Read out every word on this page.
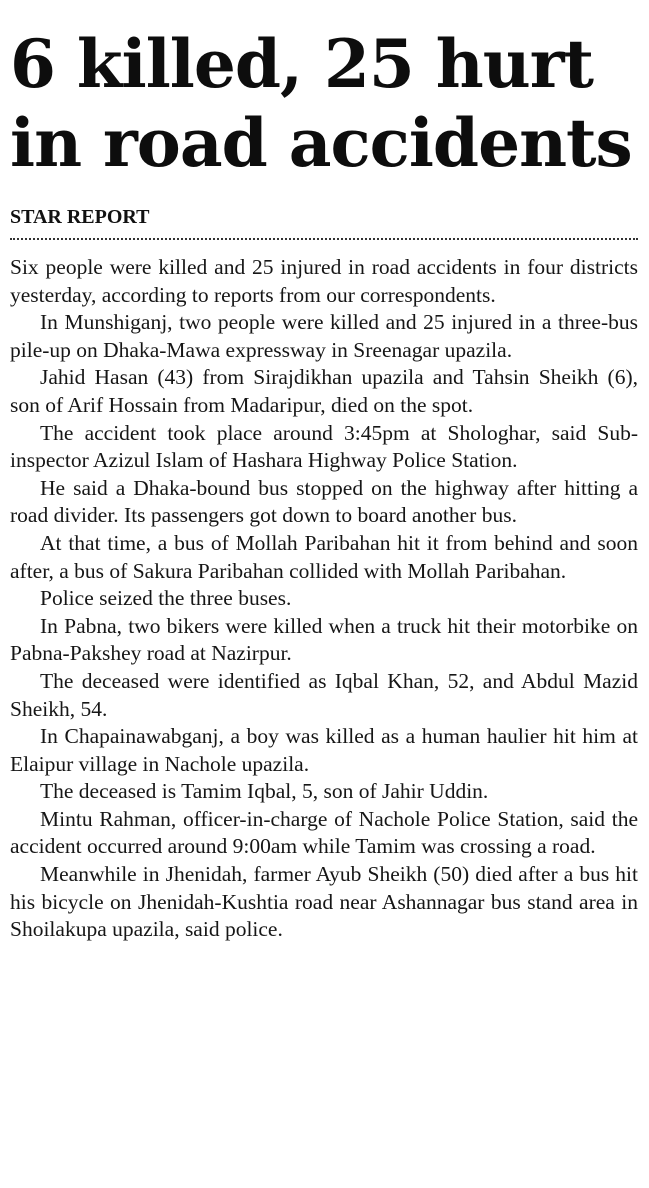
6 killed, 25 hurt
in road accidents
STAR REPORT

Six people were killed and 25 injured in road accidents in four districts yesterday, according to reports from our correspondents.

In Munshiganj, two people were killed and 25 injured in a three-bus pile-up on Dhaka-Mawa expressway in Sreenagar upazila.

Jahid Hasan (43) from Sirajdikhan upazila and Tahsin Sheikh (6), son of Arif Hossain from Madaripur, died on the spot.

The accident took place around 3:45pm at Shologhar, said Sub-inspector Azizul Islam of Hashara Highway Police Station.

He said a Dhaka-bound bus stopped on the highway after hitting a road divider. Its passengers got down to board another bus.

At that time, a bus of Mollah Paribahan hit it from behind and soon after, a bus of Sakura Paribahan collided with Mollah Paribahan.

Police seized the three buses.

In Pabna, two bikers were killed when a truck hit their motorbike on Pabna-Pakshey road at Nazirpur.

The deceased were identified as Iqbal Khan, 52, and Abdul Mazid Sheikh, 54.

In Chapainawabganj, a boy was killed as a human haulier hit him at Elaipur village in Nachole upazila.

The deceased is Tamim Iqbal, 5, son of Jahir Uddin.

Mintu Rahman, officer-in-charge of Nachole Police Station, said the accident occurred around 9:00am while Tamim was crossing a road.

Meanwhile in Jhenidah, farmer Ayub Sheikh (50) died after a bus hit his bicycle on Jhenidah-Kushtia road near Ashannagar bus stand area in Shoilakupa upazila, said police.
